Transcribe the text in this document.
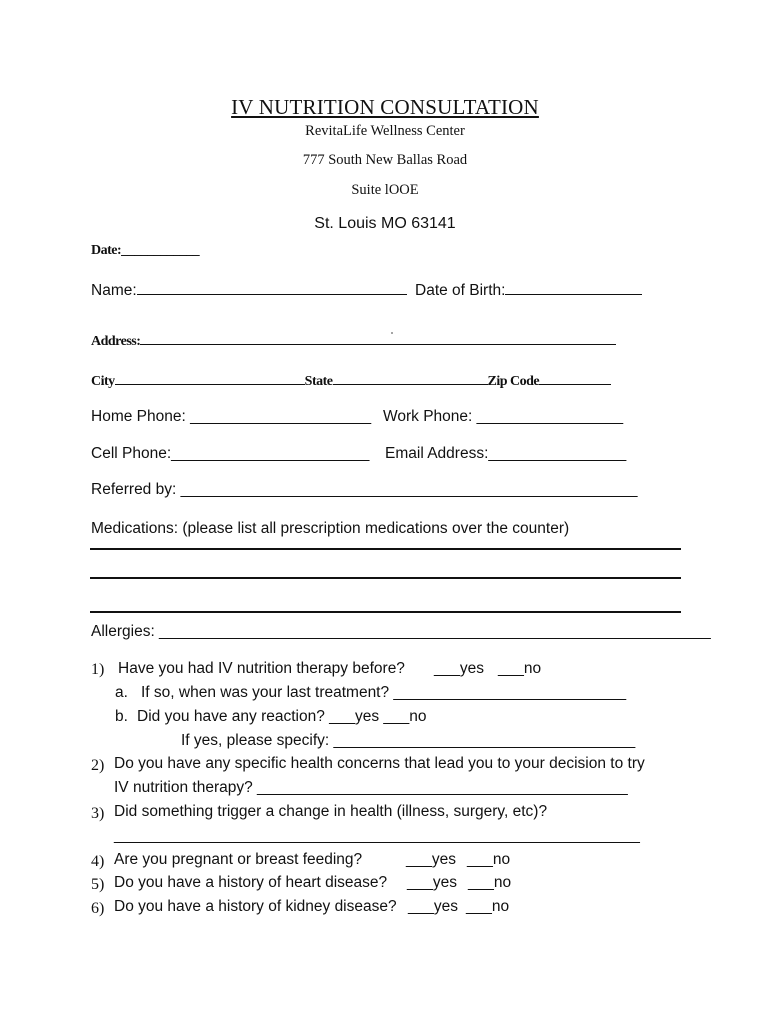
IV NUTRITION CONSULTATION
RevitaLife Wellness Center
777 South New Ballas Road
Suite lOOE
St. Louis MO 63141
Date:____________
Name:	Date of Birth:
Address:
City	State	Zip Code
Home Phone: _____________________ Work Phone: _________________
Cell Phone:_______________________ Email Address:________________
Referred by: _____________________________________________________
Medications: (please list all prescription medications over the counter)
Allergies: ________________________________________________________________
1) Have you had IV nutrition therapy before? ___yes ___no
a. If so, when was your last treatment? ___________________________
b. Did you have any reaction? ___yes ___no
If yes, please specify: ___________________________________
2) Do you have any specific health concerns that lead you to your decision to try
IV nutrition therapy? ___________________________________________
3) Did something trigger a change in health (illness, surgery, etc)?
_____________________________________________________________
4) Are you pregnant or breast feeding?	___yes ___no
5) Do you have a history of heart disease? ___yes ___no
6) Do you have a history of kidney disease? ___yes ___no
